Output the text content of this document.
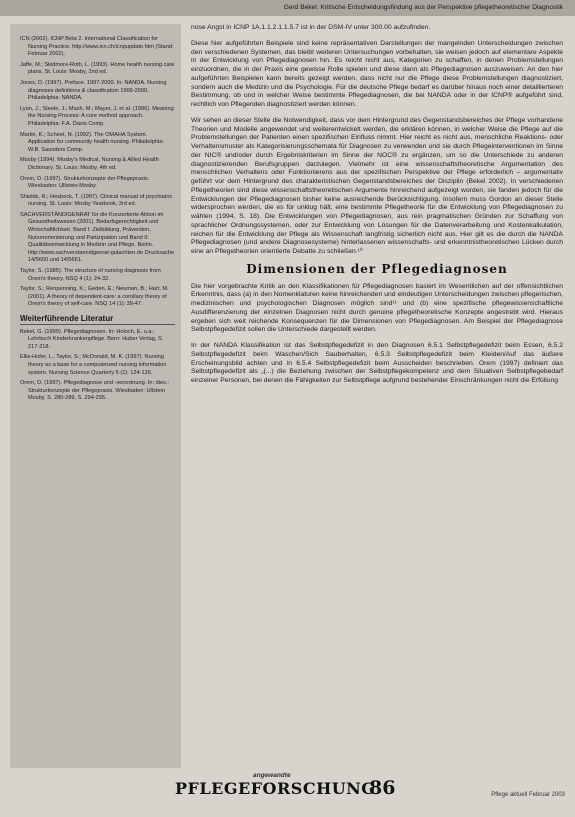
Gerd Bekel: Kritische Entscheidungsfindung aus der Perspektive pflegetheoretischer Diagnostik

ICN (2002). ICNP Beta 2. International Classification for Nursing Practice. http://www.icn.ch/icnpupdate.htm (Stand: Februar 2002).

Jaffe, M.; Skidmore-Roth, L. (1993). Home health nursing care plans. St. Louis: Mosby, 2nd ed.

Jones, D. (1997). Preface. 1997-2000. In: NANDA. Nursing diagnoses definitions & classification 1999-2000. Philadelphia: NANDA.

Lyon, J.; Steele, J.; Mash, M.; Mayer, J. et al. (1996). Meaning the Nursing Process: A core method approach. Philadelphia: F.A. Davis Comp.

Martin, K.; Scheet, N. (1992). The OMAHA System. Application for community health nursing. Philadelphia: W.B. Saunders Comp.

Mosby (1994). Mosby's Medical, Nursing & Allied Health Dictionary. St. Louis: Mosby, 4th ed.

Orem, D. (1997). Strukturkonzepte der Pflegepraxis. Wiesbaden: Ullstein-Mosby.

Shields, R.; Hesbeck, T. (1997). Clinical manual of psychiatric nursing. St. Louis: Mosby Yearbook, 3rd ed.

SACHVERSTÄNDIGENRAT für die Konzertierte Aktion im Gesundheitswesen (2001). Bedarfsgerechtigkeit und Wirtschaftlichkeit. Band I: Zielbildung, Prävention, Nutzerorientierung und Partizipation und Band II: Qualitätsentwicklung in Medizin und Pflege. Berlin. http://www.sachverstaendigenrat-gutachten.de Drucksache 14/5660 und 14/5661.

Taylor, S. (1985). The structure of nursing diagnosis from Orem's theory. NSQ 4 (1): 24-32.

Taylor, S.; Renpenning, K.; Geden, E.; Neuman, B.; Hart, M. (2001). A theory of dependent-care: a corollary theory of Orem's theory of self-care. NSQ 14 (1): 39-47.

Weiterführende Literatur

Bekel, G. (1999). Pflegediagnosen. In: Holoch, E. u.a.: Lehrbuch Kinderkrankenpflege. Bern: Huber Verlag, S. 217-218.

Ellis-Hofer, L.; Taylor, S.; McDonald, M. K. (1997). Nursing theory as a base for a computerized nursing information system. Nursing Science Quarterly 5 (1): 124-126.

Orem, D. (1997). Pflegediagnose und -verordnung. In: dies.: Strukturkonzepte der Pflegepraxis. Wiesbaden: Ullstein Mosby, S. 280-289, S. 294-295.

nose Angst in ICNP 1A.1.1.2.1.1.5.7 ist in der DSM-IV unter 300.00 aufzufinden.

Diese hier aufgeführten Beispiele sind keine repräsentativen Darstellungen der mangelnden Unterscheidungen zwischen den verschiedenen Systemen, das bleibt weiteren Untersuchungen vorbehalten, sie weisen jedoch auf elementare Aspekte in der Entwicklung von Pflegediagnosen hin. Es reicht nicht aus, Kategorien zu schaffen, in denen Problemstellungen einzuordnen, die in der Praxis eine gewisse Rolle spielen und diese dann als Pflegediagnosen auszuweisen. An den hier aufgeführten Beispielen kann bereits gezeigt werden, dass nicht nur die Pflege diese Problemstellungen diagnostiziert, sondern auch die Medizin und die Psychologie. Für die deutsche Pflege bedarf es darüber hinaus noch einer detaillierteren Bestimmung, ob und in welcher Weise bestimmte Pflegediagnosen, die bei NANDA oder in der ICNP® aufgeführt sind, rechtlich von Pflegenden diagnostiziert werden können.

Wir sehen an dieser Stelle die Notwendigkeit, dass vor dem Hintergrund des Gegenstandsbereiches der Pflege vorhandene Theorien und Modelle angewendet und weiterentwickelt werden, die erklären können, in welcher Weise die Pflege auf die Problemstellungen der Patienten einen spezifischen Einfluss nimmt. Hier reicht es nicht aus, menschliche Reaktions- oder Verhaltensmuster als Kategorisierungsschemata für Diagnosen zu verwenden und sie durch Pflegeinterventionen im Sinne der NIC® und/oder durch Ergebniskriterien im Sinne der NOC® zu ergänzen, um so die Unterschiede zu anderen diagnostizierenden Berufsgruppen darzulegen. Vielmehr ist eine wissenschaftstheoretische Argumentation des menschlichen Verhaltens oder Funktionierens aus der spezifischen Perspektive der Pflege erforderlich – argumentativ geführt vor dem Hintergrund des charakteristischen Gegenstandsbereiches der Disziplin (Bekel 2002). In verschiedenen Pflegetheorien sind diese wissenschaftstheoretischen Argumente hinreichend aufgezeigt worden, sie fanden jedoch für die Entwicklungen der Pflegediagnosen bisher keine ausreichende Berücksichtigung. Insofern muss Gordon an dieser Stelle widersprochen werden, die es für unklug hält, eine bestimmte Pflegetheorie für die Entwicklung von Pflegediagnosen zu wählen (1994, S. 18). Die Entwicklungen von Pflegediagnosen, aus rein pragmatischen Gründen zur Schaffung von sprachlicher Ordnungssystemen, oder zur Entwicklung von Lösungen für die Datenverarbeitung und Kostenkalkulation, reichen für die Entwicklung der Pflege als Wissenschaft langfristig sicherlich nicht aus. Hier gilt es die durch die NANDA Pflegediagnosen (und andere Diagnosesysteme) hinterlassenen wissenschafts- und erkenntnistheoretischen Lücken durch eine an Pflegetheorien orientierte Debatte zu schließen.¹⁰

Dimensionen der Pflegediagnosen

Die hier vorgebrachte Kritik an den Klassifikationen für Pflegediagnosen basiert im Wesentlichen auf der offensichtlichen Erkenntnis, dass (a) in den Nomenklaturen keine hinreichenden und eindeutigen Unterscheidungen zwischen pflegerischen, medizinischen und psychologischen Diagnosen möglich sind¹¹ und (b) eine spezifische pflegewissenschaftliche Ausdifferenzierung der einzelnen Diagnosen nicht durch genuine pflegetheoretische Konzepte angestrebt wird. Hieraus ergeben sich weit reichende Konsequenzen für die Dimensionen von Pflegediagnosen. Am Beispiel der Pflegediagnose Selbstpflegedefizit sollen die Unterschiede dargestellt werden.

In der NANDA Klassifikation ist das Selbstpflegedefizit in den Diagnosen 6.5.1 Selbstpflegedefizit beim Essen, 6.5.2 Selbstpflegedefizit beim Waschen/Sich Sauberhalten, 6.5.3 Selbstpflegedefizit beim Kleiden/Auf das äußere Erscheinungsbild achten und in 6.5.4 Selbstpflegedefizit beim Ausscheiden beschrieben. Orem (1997) definiert das Selbstpflegedefizit als „(...) die Beziehung zwischen der Selbstpflegekompetenz und dem Situativen Selbstpflegebedarf einzelner Personen, bei denen die Fähigkeiten zur Selbstpflege aufgrund bestehender Einschränkungen nicht die Erfüllung

angewandte
PFLEGEFORSCHUNG
86	Pflege aktuell Februar 2003
